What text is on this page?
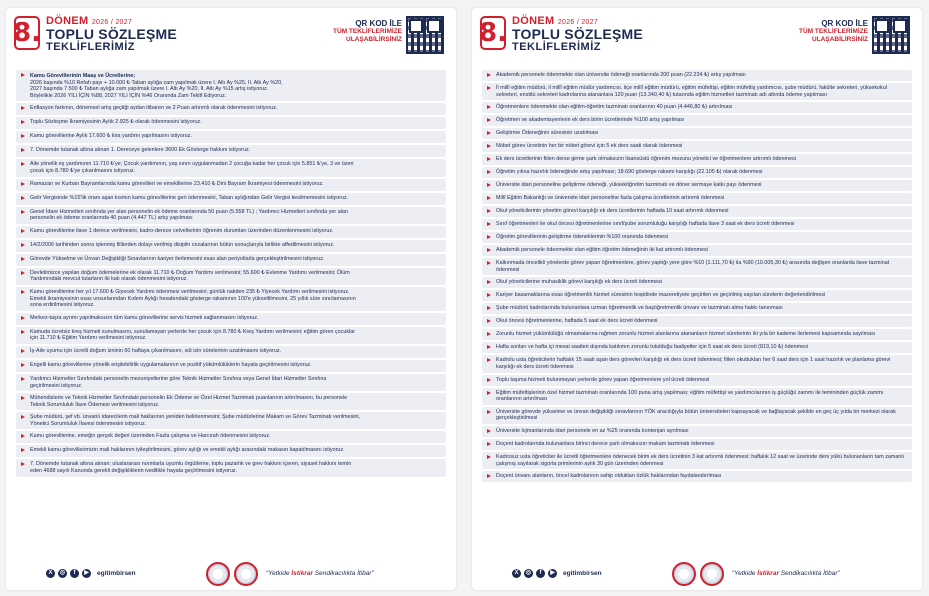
8. DÖNEM 2026 / 2027
TOPLU SÖZLEŞME
TEKLİFLERİMİZ
QR KOD İLE
TÜM TEKLİFLERİMİZE
ULAŞABİLİRSİNİZ
Kamu Görevlilerinin Maaş ve Ücretlerine;
2026 başında %10 Refah payı + 10.000 ₺ Taban aylığa zam yapılmak üzere I. Altı Ay %25, II. Altı Ay %20,
2027 başında 7.500 ₺ Taban aylığa zam yapılmak üzere I. Altı Ay %20, II. Altı Ay %15 artış istiyoruz.
Böylelikle 2026 YILI İÇİN %88, 2027 YILI İÇİN %46 Oranında Zam Teklif Ediyoruz.
Enflasyon farkının, dönemsel artış geçtiği aydan itibaren ve 2 Puan artırımlı olarak ödenmesini istiyoruz.
Toplu Sözleşme İkramiyesinin Aylık 2.925 ₺ olarak ödenmesini istiyoruz.
Kamu görevlilerine Aylık 17.600 ₺ kira yardımı yapılmasını istiyoruz.
7. Dönemde tutanak altına alınan 1. Dereceye gelenlere 3600 Ek Gösterge hakkını istiyoruz.
Aile yönelik eş yardımının 11.710 ₺'ye; Çocuk yardımının, yaş sınırı uygulanmadan 2 çocuğa kadar her çocuk için 5.851 ₺'ye, 3 ve üzeri
çocuk için 8.780 ₺'ye çıkarılmasını istiyoruz.
Ramazan ve Kurban Bayramlarında kamu görevlileri ve emeklilerine 23.410 ₺ Dini Bayram İkramiyesi ödenmesini istiyoruz.
Gelir Vergisinde %15'lik oranı aşan kısmın kamu görevlilerine geri ödenmesini, Taban aylığından Gelir Vergisi kesilmemesini istiyoruz.
Genel İdare Hizmetleri sınıfında yer alan personelin ek ödeme oranlarında 50 puan (5.558 TL) ; Yardımcı Hizmetleri sınıfında yer alan
personelin ek ödeme oranlarında 40 puan (4.447 TL) artış yapılması
Kamu görevlilerine ilave 1 derece verilmesini, kadro-derece cetvellerinin öğrenim durumları üzerinden düzenlenmesini istiyoruz.
14/2/2006 tarihinden sonra işlenmiş fiillerden dolayı verilmiş disiplin cezalarının bütün sonuçlarıyla birlikte affedilmesini istiyoruz.
Görevde Yükselme ve Ünvan Değişikliği Sınavlarının kariyer ilerlemesini esas alan periyotlarla gerçekleştirilmesini istiyoruz.
Devletimizce yapılan doğum ödemelerine ek olarak 11.710 ₺ Doğum Yardımı verilmesini; 55.600 ₺ Evlenme Yardımı verilmesini; Ölüm
Yardımındaki mevcut tutarların iki katı olarak ödenmesini istiyoruz.
Kamu görevlilerine her yıl 17.600 ₺ Giyecek Yardımı ödenmesi verilmesini; günlük nakden 235 ₺ Yiyecek Yardımı verilmesini istiyoruz.
Emekli ikramiyesinin esas unsurlarından Kıdem Aylığı hesabındaki gösterge rakamının 100'e yükseltilmesini, 25 yıllık süre sınırlamasının
sona erdirilmesini istiyoruz.
Merkez-taşra ayrımı yapılmaksızın tüm kamu görevlilerine servis hizmeti sağlanmasını istiyoruz.
Kamuda ücretsiz kreş hizmeti sunulmasını, sunulamayan yerlerde her çocuk için 8.780 ₺ Kreş Yardımı verilmesini; eğitim gören çocuklar
için 11.710 ₺ Eğitim Yardımı verilmesini istiyoruz.
İş-Aile uyumu için ücretli doğum izninin 60 haftaya çıkarılmasını, süt izin sürelerinin uzatılmasını istiyoruz.
Engelli kamu görevlilerine yönelik erişilebilirlik uygulamalarının ve pozitif yükümlülüklerin hayata geçirilmesini istiyoruz.
Yardımcı Hizmetler Sınıfındaki personelin mezuniyetlerine göre Teknik Hizmetler Sınıfına veya Genel İdari Hizmetler Sınıfına
geçirilmesini istiyoruz.
Mühendislerin ve Teknik Hizmetler Sınıfındaki personelin Ek Ödeme ve Özel Hizmet Tazminatı puanlarının artırılmasını, bu personele
Teknik Sorumluluk İlave Ödemesi verilmesini istiyoruz.
Şube müdürü, şef vb. ünvanlı idarecilerin mali haklarının yeniden belirlenmesini; Şube müdürlerine Makam ve Görev Tazminatı verilmesini,
Yönetici Sorumluluk İlavesi ödenmesini istiyoruz.
Kamu görevlilerine, emeğin gerçek değeri üzerinden Fazla çalışma ve Harcırah ödenmesini istiyoruz.
Emekli kamu görevlilerimizin mali haklarının iyileştirilmesini, görev aylığı ve emekli aylığı arasındaki makasın kapatılmasını istiyoruz.
7. Dönemde tutanak altına alınan; uluslararası normlarla uyumlu örgütleme, toplu pazarlık ve grev hakkını içeren, siyaset hakkını temin
eden 4688 sayılı Kanunda gerekli değişikliklerin ivedilikle hayata geçirilmesini istiyoruz.
X	◎	f	▶	egitimbirsen	“Yetkide İstikrar Sendikacılıkta İtibar”
8. DÖNEM 2026 / 2027
TOPLU SÖZLEŞME
TEKLİFLERİMİZ
QR KOD İLE
TÜM TEKLİFLERİMİZE
ULAŞABİLİRSİNİZ
Akademik personele ödenmekte olan üniversite ödeneği oranlarında 200 puan (22.234 ₺) artış yapılması
İl millî eğitim müdürü, il millî eğitim müdür yardımcısı, ilçe millî eğitim müdürü, eğitim müfettişi, eğitim müfettiş yardımcısı, şube müdürü, fakülte sekreteri, yüksekokul sekreteri, enstitü sekreteri kadrolarına atananlara 120 puan (13.340,40 ₺) tutarında eğitim hizmetleri tazminatı adı altında ödeme yapılması
Öğretmenlere ödenmekte olan eğitim-öğretim tazminatı oranlarının 40 puan (4.446,80 ₺) artırılması
Öğretmen ve akademisyenlerin ek ders birim ücretlerinde %100 artış yapılması
Geliştirme Ödeneğinin süresinin uzatılması
Nöbet görev ücretinin her bir nöbet görevi için 5 ek ders saati olarak ödenmesi
Ek ders ücretlerinin fiilen derse girme şartı olmaksızın lisansüstü öğrenim mezunu yönetici ve öğretmenlere artırımlı ödenmesi
Öğretim yılına hazırlık ödeneğinde artış yapılması; 18.690 gösterge rakamı karşılığı (22.105 ₺) olarak ödenmesi
Üniversite idari personeline geliştirme ödeneği, yükseköğretim tazminatı ve döner sermaye katkı payı ödenmesi
Millî Eğitim Bakanlığı ve üniversite idari personeline fazla çalışma ücretlerinin artırımlı ödenmesi
Okul yöneticilerinin yönetim görevi karşılığı ek ders ücretlerinin haftada 10 saat artırımlı ödenmesi
Sınıf öğretmenleri ile okul öncesi öğretmenlerine sınıf/şube sorumluluğu karşılığı haftada ilave 3 saat ek ders ücreti ödenmesi
Öğretim görevlilerinin geliştirme ödeneklerinin %100 oranında ödenmesi
Akademik personele ödenmekte olan eğitim öğretim ödeneğinin iki kat artırımlı ödenmesi
Kalkınmada öncelikli yörelerde görev yapan öğretmenlere, görev yaptığı yere göre %10 (1.111,70 ₺) ila %90 (10.005,30 ₺) arasında değişen oranlarda ilave tazminat ödenmesi
Okul yöneticilerine muhasiklik görevi karşılığı ek ders ücreti ödenmesi
Kariyer basamaklarına esas öğretmenlik hizmet süresinin tespitinde mazeretiyete geçirilen ve geçirilmiş sayılan sürelerin değerlendirilmesi
Şube müdürü kadrolarında bulunanlara uzman öğretmenlik ve başöğretmenlik ünvanı ve tazminatı alma hakkı tanınması
Okul öncesi öğretmenlerine, haftada 5 saat ek ders ücreti ödenmesi
Zorunlu hizmet yükümlülüğü olmamalarına rağmen zorunlu hizmet alanlarına atananların hizmet sürelerinin iki yıla bir kademe ilerlemesi kapsamında sayılması
Hafta sonları ve hafta içi mesai saatleri dışında katılımın zorunlu tutulduğu faaliyetler için 5 saat ek ders ücreti (819,10 ₺) ödenmesi
Kadrolu usta öğreticilerin haftalık 15 saati aşan ders görevleri karşılığı ek ders ücreti ödenmesi; fiilen okuttukları her 6 saat ders için 1 saat hazırlık ve planlama görevi karşılığı ek ders ücreti ödenmesi
Toplu taşıma hizmeti bulunmayan yerlerde görev yapan öğretmenlere yol ücreti ödenmesi
Eğitim müfettişlerinin özel hizmet tazminatı oranlarında 100 puna artış yapılması; eğitim müfettişi ve yardımcılarının iş güçlüğü zammı ile temininden güçlük zammı oranlarının artırılması
Üniversite görevde yükselme ve ünvan değişikliği sınavlarının YÖK aracılığıyla bütün üniversiteleri kapsayacak ve bağlayacak şekilde en geç üç yılda bir merkezi olarak gerçekleştirilmesi
Üniversite lojmanlarında idari personele en az %25 oranında kontenjan ayrılması
Doçent kadrolarında bulunanlara birinci derece şartı olmaksızın makam tazminatı ödenmesi
Kadrosuz usta öğreticiler ile ücretli öğretmenlere ödenecek birim ek ders ücretinin 3 kat artırımlı ödenmesi; haftalık 12 saat ve üzerinde ders yükü bulunanların tam zamanlı çalışmış sayılarak sigorta primlerinin aylık 30 gün üzerinden ödenmesi
Doçent ünvanı alanların, öncel kadrolarının sahip oldukları özlük haklarından faydalandırılması
X	◎	f	▶	egitimbirsen	“Yetkide İstikrar Sendikacılıkta İtibar”
